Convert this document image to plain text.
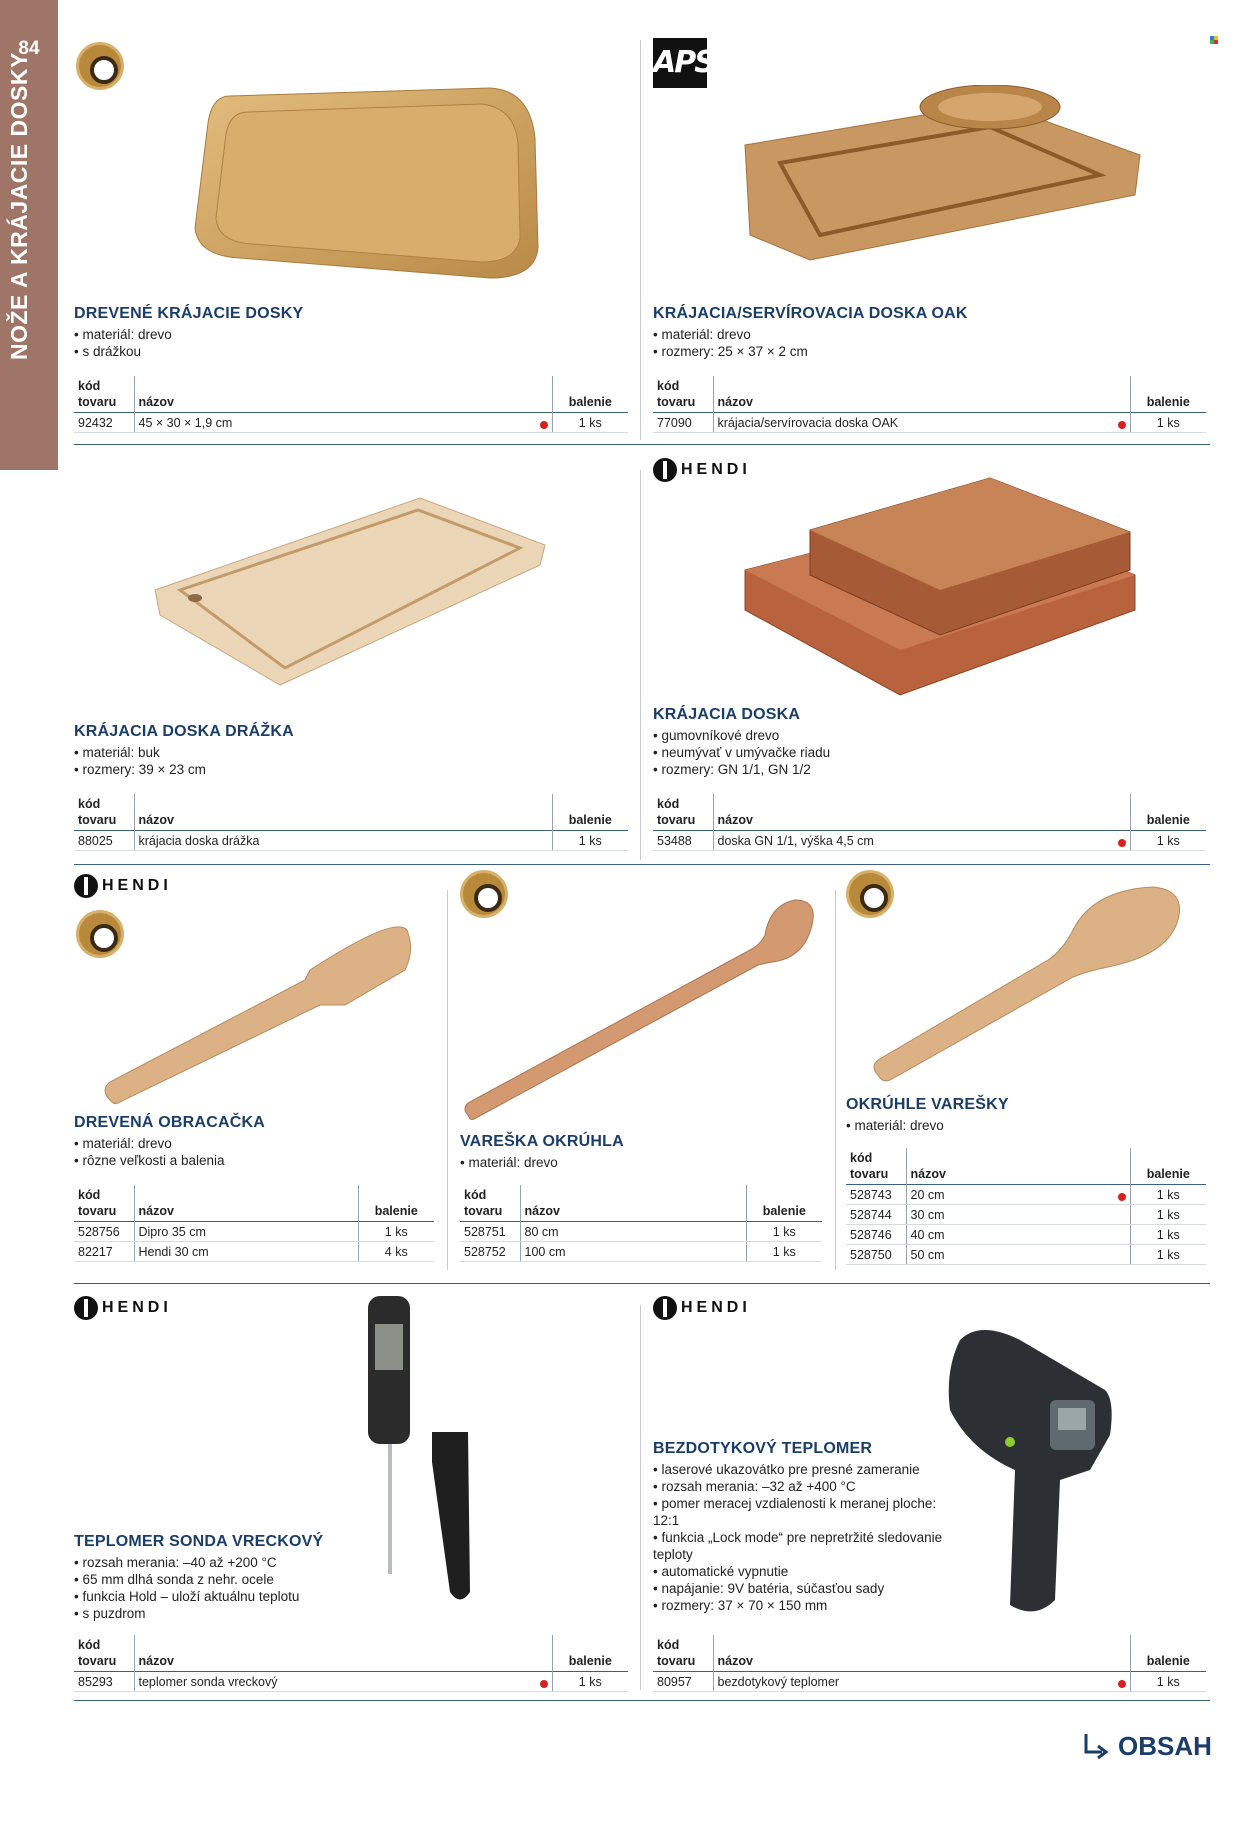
84
NOŽE A KRÁJACIE DOSKY	DREVENÉ KRÁJACIE DOSKY
• materiál: drevo
• s drážkou
kód tovaru	názov	balenie
92432	45 × 30 × 1,9 cm	1 ks
APS
KRÁJACIA/SERVÍROVACIA DOSKA OAK
• materiál: drevo
• rozmery: 25 × 37 × 2 cm
kód tovaru	názov	balenie
77090	krájacia/servírovacia doska OAK	1 ks
KRÁJACIA DOSKA DRÁŽKA
• materiál: buk
• rozmery: 39 × 23 cm
kód tovaru	názov	balenie
88025	krájacia doska drážka	1 ks
HENDI
KRÁJACIA DOSKA
• gumovníkové drevo
• neumývať v umývačke riadu
• rozmery: GN 1/1, GN 1/2
kód tovaru	názov	balenie
53488	doska GN 1/1, výška 4,5 cm	1 ks
HENDI
DREVENÁ OBRACAČKA
• materiál: drevo
• rôzne veľkosti a balenia
kód tovaru	názov	balenie
528756	Dipro 35 cm	1 ks
82217	Hendi 30 cm	4 ks
VAREŠKA OKRÚHLA
• materiál: drevo
kód tovaru	názov	balenie
528751	80 cm	1 ks
528752	100 cm	1 ks
OKRÚHLE VAREŠKY
• materiál: drevo
kód tovaru	názov	balenie
528743	20 cm	1 ks
528744	30 cm	1 ks
528746	40 cm	1 ks
528750	50 cm	1 ks
HENDI
TEPLOMER SONDA VRECKOVÝ
• rozsah merania: –40 až +200 °C
• 65 mm dlhá sonda z nehr. ocele
• funkcia Hold – uloží aktuálnu teplotu
• s puzdrom
kód tovaru	názov	balenie
85293	teplomer sonda vreckový	1 ks
HENDI
BEZDOTYKOVÝ TEPLOMER
• laserové ukazovátko pre presné zameranie
• rozsah merania: –32 až +400 °C
• pomer meracej vzdialenosti k meranej ploche: 12:1
• funkcia „Lock mode“ pre nepretržité sledovanie teploty
• automatické vypnutie
• napájanie: 9V batéria, súčasťou sady
• rozmery: 37 × 70 × 150 mm
kód tovaru	názov	balenie
80957	bezdotykový teplomer	1 ks
OBSAH
